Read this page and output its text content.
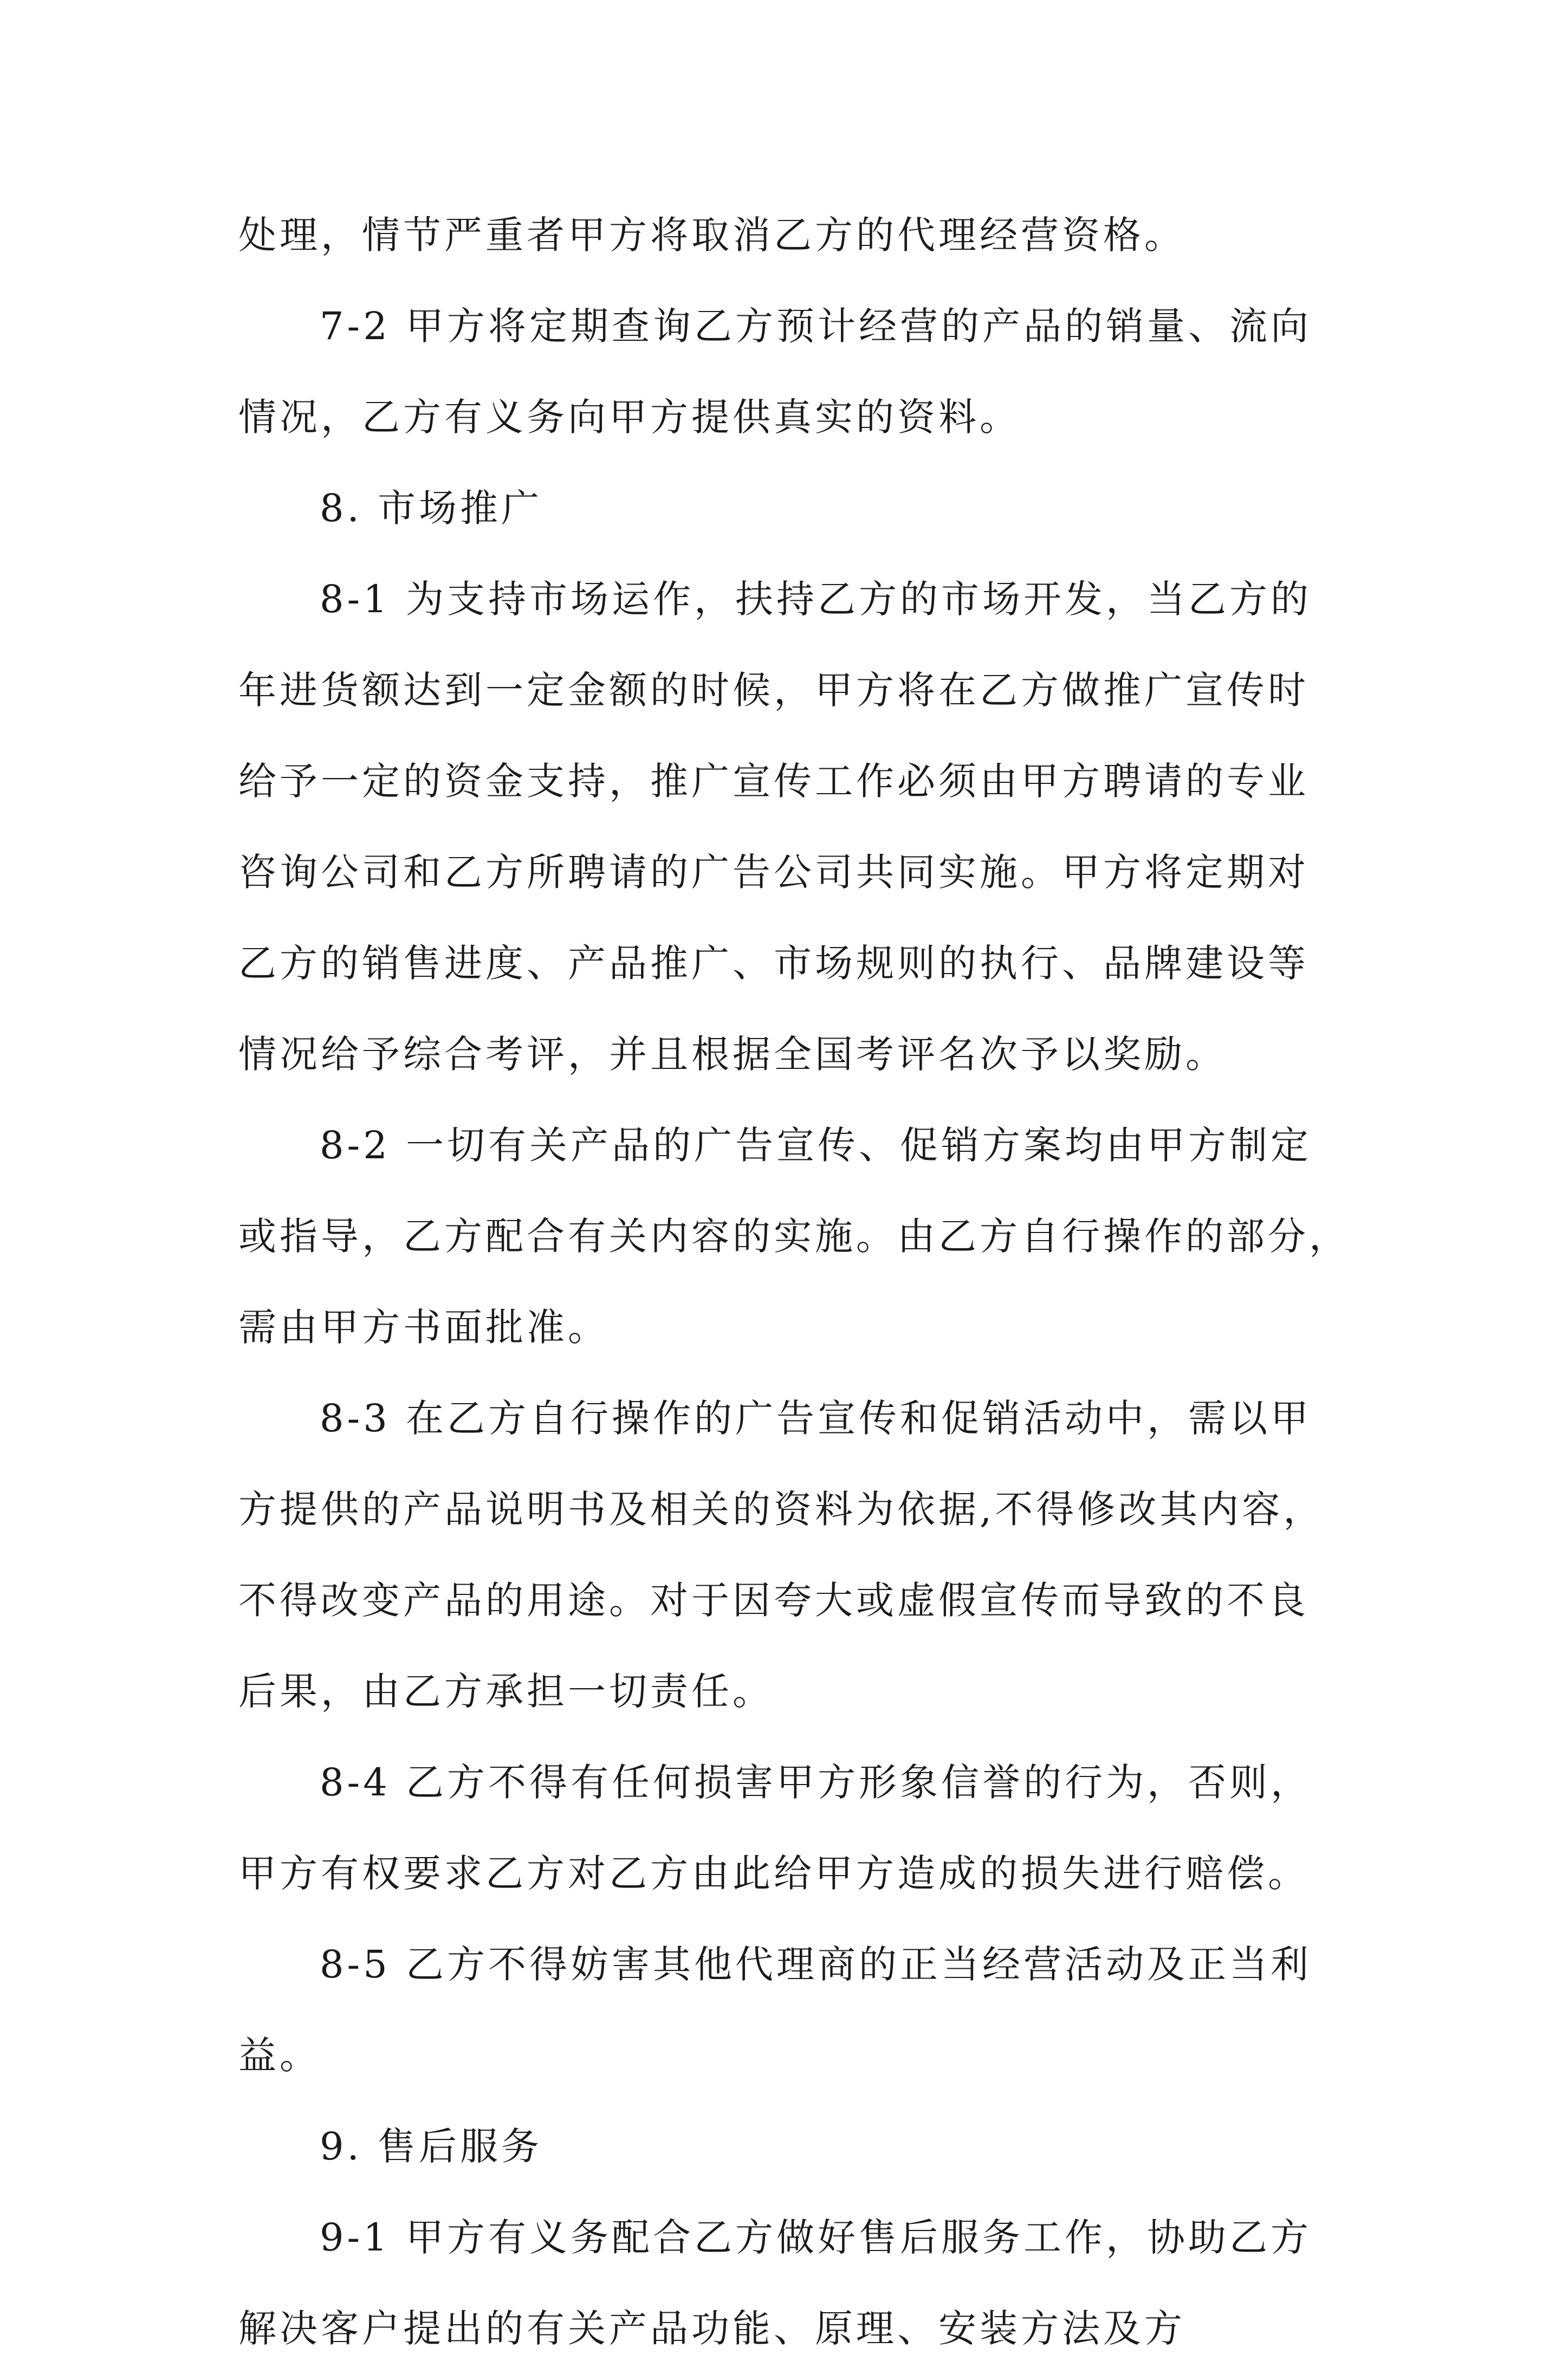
处理，情节严重者甲方将取消乙方的代理经营资格。
7-2 甲方将定期查询乙方预计经营的产品的销量、流向
情况，乙方有义务向甲方提供真实的资料。
8. 市场推广
8-1 为支持市场运作，扶持乙方的市场开发，当乙方的
年进货额达到一定金额的时候，甲方将在乙方做推广宣传时
给予一定的资金支持，推广宣传工作必须由甲方聘请的专业
咨询公司和乙方所聘请的广告公司共同实施。甲方将定期对
乙方的销售进度、产品推广、市场规则的执行、品牌建设等
情况给予综合考评，并且根据全国考评名次予以奖励。
8-2 一切有关产品的广告宣传、促销方案均由甲方制定
或指导，乙方配合有关内容的实施。由乙方自行操作的部分，
需由甲方书面批准。
8-3 在乙方自行操作的广告宣传和促销活动中，需以甲
方提供的产品说明书及相关的资料为依据,不得修改其内容，
不得改变产品的用途。对于因夸大或虚假宣传而导致的不良
后果，由乙方承担一切责任。
8-4 乙方不得有任何损害甲方形象信誉的行为，否则，
甲方有权要求乙方对乙方由此给甲方造成的损失进行赔偿。
8-5 乙方不得妨害其他代理商的正当经营活动及正当利
益。
9. 售后服务
9-1 甲方有义务配合乙方做好售后服务工作，协助乙方
解决客户提出的有关产品功能、原理、安装方法及方
